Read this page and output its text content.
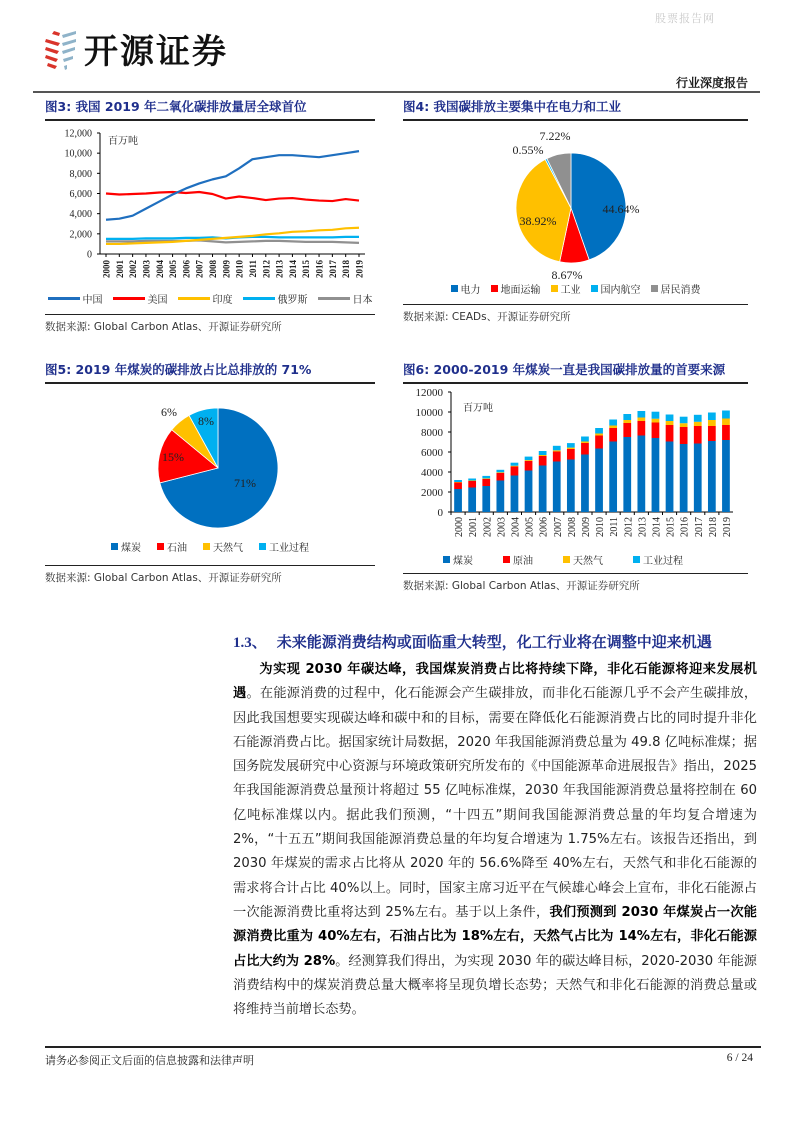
股票报告网
开源证券
行业深度报告
图3: 我国 2019 年二氧化碳排放量居全球首位
0
2,000
4,000
6,000
8,000
10,000
12,000
2000 2001 2002 2003 2004 2005 2006 2007 2008 2009 2010 2011 2012 2013 2014 2015 2016 2017 2018 2019
百万吨
中国	美国	印度	俄罗斯	日本
数据来源: Global Carbon Atlas、开源证券研究所
图4: 我国碳排放主要集中在电力和工业
44.64%
8.67%
38.92%
0.55%
7.22%
电力 地面运输 工业 国内航空 居民消费
数据来源: CEADs、开源证券研究所
图5: 2019 年煤炭的碳排放占比总排放的 71%
71%
15%
6%
8%
煤炭	石油	天然气	工业过程
数据来源: Global Carbon Atlas、开源证券研究所
图6: 2000-2019 年煤炭一直是我国碳排放量的首要来源
0
2000
4000
6000
8000
10000
12000
百万吨
2000 2001 2002 2003 2004 2005 2006 2007 2008 2009 2010 2011 2012 2013 2014 2015 2016 2017 2018 2019
煤炭	原油	天然气	工业过程
数据来源: Global Carbon Atlas、开源证券研究所
1.3、 未来能源消费结构或面临重大转型，化工行业将在调整中迎来机遇
为实现 2030 年碳达峰，我国煤炭消费占比将持续下降，非化石能源将迎来发展机遇。在能源消费的过程中，化石能源会产生碳排放，而非化石能源几乎不会产生碳排放，因此我国想要实现碳达峰和碳中和的目标，需要在降低化石能源消费占比的同时提升非化石能源消费占比。据国家统计局数据，2020 年我国能源消费总量为 49.8 亿吨标准煤；据国务院发展研究中心资源与环境政策研究所发布的《中国能源革命进展报告》指出，2025 年我国能源消费总量预计将超过 55 亿吨标准煤，2030 年我国能源消费总量将控制在 60 亿吨标准煤以内。据此我们预测，“十四五”期间我国能源消费总量的年均复合增速为 2%，“十五五”期间我国能源消费总量的年均复合增速为 1.75%左右。该报告还指出，到 2030 年煤炭的需求占比将从 2020 年的 56.6%降至 40%左右，天然气和非化石能源的需求将合计占比 40%以上。同时，国家主席习近平在气候雄心峰会上宣布，非化石能源占一次能源消费比重将达到 25%左右。基于以上条件，我们预测到 2030 年煤炭占一次能源消费比重为 40%左右，石油占比为 18%左右，天然气占比为 14%左右，非化石能源占比大约为 28%。经测算我们得出，为实现 2030 年的碳达峰目标，2020-2030 年能源消费结构中的煤炭消费总量大概率将呈现负增长态势；天然气和非化石能源的消费总量或将维持当前增长态势。
请务必参阅正文后面的信息披露和法律声明	6 / 24
